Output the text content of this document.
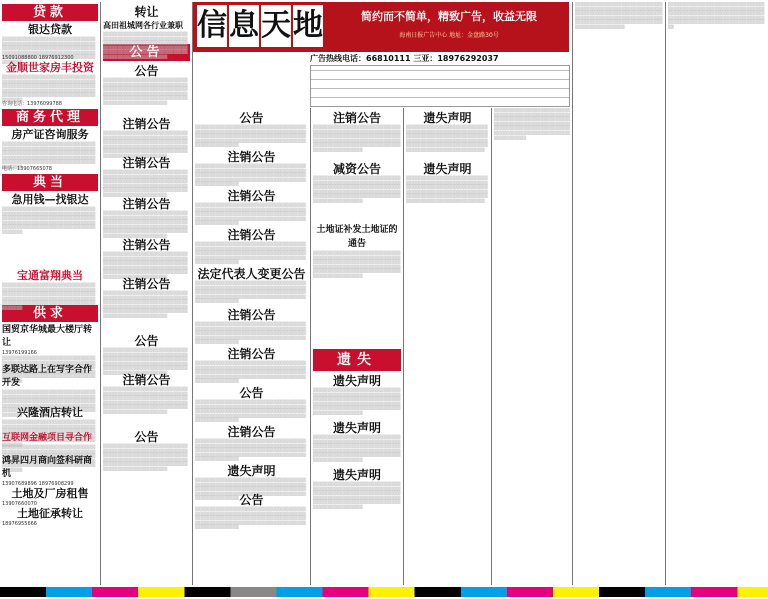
贷款
银达贷款
▒▒▒▒▒▒▒▒▒▒▒▒▒▒▒▒▒▒▒▒▒▒▒▒▒▒▒▒▒▒▒▒▒▒▒▒▒▒▒▒▒▒▒▒▒▒▒▒▒▒▒▒▒▒▒▒▒▒▒▒▒▒▒▒▒▒▒▒▒▒▒▒▒▒▒▒▒▒▒▒▒▒▒▒▒▒▒▒▒▒▒▒▒▒▒▒▒▒▒▒▒▒▒▒▒▒▒▒▒▒▒▒▒▒▒▒▒▒▒▒▒▒▒▒▒▒▒▒▒▒▒▒▒▒▒▒▒▒▒▒▒▒▒▒▒▒▒▒▒▒▒▒▒▒▒▒▒▒▒▒▒▒▒▒▒▒▒
15091088800 18976912300
金顺世家房丰投资
▒▒▒▒▒▒▒▒▒▒▒▒▒▒▒▒▒▒▒▒▒▒▒▒▒▒▒▒▒▒▒▒▒▒▒▒▒▒▒▒▒▒▒▒▒▒▒▒▒▒▒▒▒▒▒▒▒▒▒▒▒▒▒▒▒▒▒▒▒▒▒▒▒▒▒▒▒▒▒▒▒▒▒▒▒▒▒▒▒▒▒▒▒▒▒▒▒▒▒▒▒▒▒▒▒▒▒▒▒▒▒▒▒▒▒▒▒▒▒▒▒▒▒▒▒▒▒▒▒▒▒▒▒▒▒▒▒▒▒▒▒▒▒▒▒▒▒▒▒▒▒▒▒▒▒▒▒▒▒▒▒▒▒▒▒▒▒
咨询电话：13976099788
商务代理
房产证咨询服务
▒▒▒▒▒▒▒▒▒▒▒▒▒▒▒▒▒▒▒▒▒▒▒▒▒▒▒▒▒▒▒▒▒▒▒▒▒▒▒▒▒▒▒▒▒▒▒▒▒▒▒▒▒▒▒▒▒▒▒▒▒▒▒▒▒▒▒▒▒▒▒▒▒▒▒▒▒▒▒▒▒▒▒▒▒▒▒▒▒▒▒▒▒▒▒▒▒▒▒▒▒▒▒▒▒▒▒▒▒▒▒▒▒▒▒▒▒▒▒▒▒▒▒▒▒▒▒▒▒▒▒▒▒▒▒▒▒▒▒▒▒▒▒▒▒▒▒▒▒▒▒▒▒▒▒▒▒▒▒▒▒▒▒▒▒▒▒
电话：13907665078
典当
急用钱—找银达
▒▒▒▒▒▒▒▒▒▒▒▒▒▒▒▒▒▒▒▒▒▒▒▒▒▒▒▒▒▒▒▒▒▒▒▒▒▒▒▒▒▒▒▒▒▒▒▒▒▒▒▒▒▒▒▒▒▒▒▒▒▒▒▒▒▒▒▒▒▒▒▒▒▒▒▒▒▒▒▒▒▒▒▒▒▒▒▒▒▒▒▒▒▒▒▒▒▒▒▒▒▒▒▒▒▒▒▒▒▒▒▒▒▒▒▒▒▒▒▒▒▒▒▒▒▒▒▒▒▒▒▒▒▒▒▒▒▒▒▒▒▒▒▒▒▒▒▒▒▒▒▒▒▒▒▒▒▒▒▒▒▒▒▒▒▒▒
宝通富翔典当
▒▒▒▒▒▒▒▒▒▒▒▒▒▒▒▒▒▒▒▒▒▒▒▒▒▒▒▒▒▒▒▒▒▒▒▒▒▒▒▒▒▒▒▒▒▒▒▒▒▒▒▒▒▒▒▒▒▒▒▒▒▒▒▒▒▒▒▒▒▒▒▒▒▒▒▒▒▒▒▒▒▒▒▒▒▒▒▒▒▒▒▒▒▒▒▒▒▒▒▒▒▒▒▒▒▒▒▒▒▒▒▒▒▒▒▒▒▒▒▒▒▒▒▒▒▒▒▒▒▒▒▒▒▒▒▒▒▒▒▒▒▒▒▒▒▒▒▒▒▒▒▒▒▒▒▒▒▒▒▒▒▒▒▒▒▒▒
供求
国贸京华城最大楼厅转让
13976199166
▒▒▒▒▒▒▒▒▒▒▒▒▒▒▒▒▒▒▒▒▒▒▒▒▒▒▒▒▒▒▒▒▒▒▒▒▒▒▒▒▒▒▒▒▒▒▒▒▒▒▒▒▒▒▒▒▒▒▒▒▒▒▒▒▒▒▒▒▒▒▒▒▒▒▒▒▒▒▒▒▒▒▒▒▒▒▒▒▒▒▒▒▒▒▒▒▒▒▒▒▒▒▒▒▒▒▒▒▒▒▒▒▒▒▒▒▒▒▒▒▒▒▒▒▒▒▒▒▒▒▒▒▒▒▒▒▒▒▒▒▒▒▒▒▒▒▒▒▒▒▒▒▒▒▒▒▒▒▒▒▒▒▒▒▒▒▒
多联达路上在写字合作开发
▒▒▒▒▒▒▒▒▒▒▒▒▒▒▒▒▒▒▒▒▒▒▒▒▒▒▒▒▒▒▒▒▒▒▒▒▒▒▒▒▒▒▒▒▒▒▒▒▒▒▒▒▒▒▒▒▒▒▒▒▒▒▒▒▒▒▒▒▒▒▒▒▒▒▒▒▒▒▒▒▒▒▒▒▒▒▒▒▒▒▒▒▒▒▒▒▒▒▒▒▒▒▒▒▒▒▒▒▒▒▒▒▒▒▒▒▒▒▒▒▒▒▒▒▒▒▒▒▒▒▒▒▒▒▒▒▒▒▒▒▒▒▒▒▒▒▒▒▒▒▒▒▒▒▒▒▒▒▒▒▒▒▒▒▒▒▒
兴隆酒店转让
▒▒▒▒▒▒▒▒▒▒▒▒▒▒▒▒▒▒▒▒▒▒▒▒▒▒▒▒▒▒▒▒▒▒▒▒▒▒▒▒▒▒▒▒▒▒▒▒▒▒▒▒▒▒▒▒▒▒▒▒▒▒▒▒▒▒▒▒▒▒▒▒▒▒▒▒▒▒▒▒▒▒▒▒▒▒▒▒▒▒▒▒▒▒▒▒▒▒▒▒▒▒▒▒▒▒▒▒▒▒▒▒▒▒▒▒▒▒▒▒▒▒▒▒▒▒▒▒▒▒▒▒▒▒▒▒▒▒▒▒▒▒▒▒▒▒▒▒▒▒▒▒▒▒▒▒▒▒▒▒▒▒▒▒▒▒▒
互联网金融项目寻合作
▒▒▒▒▒▒▒▒▒▒▒▒▒▒▒▒▒▒▒▒▒▒▒▒▒▒▒▒▒▒▒▒▒▒▒▒▒▒▒▒▒▒▒▒▒▒▒▒▒▒▒▒▒▒▒▒▒▒▒▒▒▒▒▒▒▒▒▒▒▒▒▒▒▒▒▒▒▒▒▒▒▒▒▒▒▒▒▒▒▒▒▒▒▒▒▒▒▒▒▒▒▒▒▒▒▒▒▒▒▒▒▒▒▒▒▒▒▒▒▒▒▒▒▒▒▒▒▒▒▒▒▒▒▒▒▒▒▒▒▒▒▒▒▒▒▒▒▒▒▒▒▒▒▒▒▒▒▒▒▒▒▒▒▒▒▒▒
鸿昇四月商向签科研商机
13907689896 18976908299
土地及厂房租售
13907660070
土地征承转让
18976955666
转让
高田祖城网各行业兼职
▒▒▒▒▒▒▒▒▒▒▒▒▒▒▒▒▒▒▒▒▒▒▒▒▒▒▒▒▒▒▒▒▒▒▒▒▒▒▒▒▒▒▒▒▒▒▒▒▒▒▒▒▒▒▒▒▒▒▒▒▒▒▒▒▒▒▒▒▒▒▒▒▒▒▒▒▒▒▒▒▒▒▒▒▒▒▒▒▒▒▒▒▒▒▒▒▒▒▒▒▒▒▒▒▒▒▒▒▒▒▒▒▒▒▒▒▒▒▒▒▒▒▒▒▒▒▒▒▒▒▒▒▒▒▒▒▒▒▒▒▒▒▒▒▒▒▒▒▒▒▒▒▒▒▒▒▒▒▒▒▒▒▒▒▒▒▒
公告
公告
▒▒▒▒▒▒▒▒▒▒▒▒▒▒▒▒▒▒▒▒▒▒▒▒▒▒▒▒▒▒▒▒▒▒▒▒▒▒▒▒▒▒▒▒▒▒▒▒▒▒▒▒▒▒▒▒▒▒▒▒▒▒▒▒▒▒▒▒▒▒▒▒▒▒▒▒▒▒▒▒▒▒▒▒▒▒▒▒▒▒▒▒▒▒▒▒▒▒▒▒▒▒▒▒▒▒▒▒▒▒▒▒▒▒▒▒▒▒▒▒▒▒▒▒▒▒▒▒▒▒▒▒▒▒▒▒▒▒▒▒▒▒▒▒▒▒▒▒▒▒▒▒▒▒▒▒▒▒▒▒▒▒▒▒▒▒▒
注销公告
▒▒▒▒▒▒▒▒▒▒▒▒▒▒▒▒▒▒▒▒▒▒▒▒▒▒▒▒▒▒▒▒▒▒▒▒▒▒▒▒▒▒▒▒▒▒▒▒▒▒▒▒▒▒▒▒▒▒▒▒▒▒▒▒▒▒▒▒▒▒▒▒▒▒▒▒▒▒▒▒▒▒▒▒▒▒▒▒▒▒▒▒▒▒▒▒▒▒▒▒▒▒▒▒▒▒▒▒▒▒▒▒▒▒▒▒▒▒▒▒▒▒▒▒▒▒▒▒▒▒▒▒▒▒▒▒▒▒▒▒▒▒▒▒▒▒▒▒▒▒▒▒▒▒▒▒▒▒▒▒▒▒▒▒▒▒▒
注销公告
▒▒▒▒▒▒▒▒▒▒▒▒▒▒▒▒▒▒▒▒▒▒▒▒▒▒▒▒▒▒▒▒▒▒▒▒▒▒▒▒▒▒▒▒▒▒▒▒▒▒▒▒▒▒▒▒▒▒▒▒▒▒▒▒▒▒▒▒▒▒▒▒▒▒▒▒▒▒▒▒▒▒▒▒▒▒▒▒▒▒▒▒▒▒▒▒▒▒▒▒▒▒▒▒▒▒▒▒▒▒▒▒▒▒▒▒▒▒▒▒▒▒▒▒▒▒▒▒▒▒▒▒▒▒▒▒▒▒▒▒▒▒▒▒▒▒▒▒▒▒▒▒▒▒▒▒▒▒▒▒▒▒▒▒▒▒▒
注销公告
▒▒▒▒▒▒▒▒▒▒▒▒▒▒▒▒▒▒▒▒▒▒▒▒▒▒▒▒▒▒▒▒▒▒▒▒▒▒▒▒▒▒▒▒▒▒▒▒▒▒▒▒▒▒▒▒▒▒▒▒▒▒▒▒▒▒▒▒▒▒▒▒▒▒▒▒▒▒▒▒▒▒▒▒▒▒▒▒▒▒▒▒▒▒▒▒▒▒▒▒▒▒▒▒▒▒▒▒▒▒▒▒▒▒▒▒▒▒▒▒▒▒▒▒▒▒▒▒▒▒▒▒▒▒▒▒▒▒▒▒▒▒▒▒▒▒▒▒▒▒▒▒▒▒▒▒▒▒▒▒▒▒▒▒▒▒▒
注销公告
▒▒▒▒▒▒▒▒▒▒▒▒▒▒▒▒▒▒▒▒▒▒▒▒▒▒▒▒▒▒▒▒▒▒▒▒▒▒▒▒▒▒▒▒▒▒▒▒▒▒▒▒▒▒▒▒▒▒▒▒▒▒▒▒▒▒▒▒▒▒▒▒▒▒▒▒▒▒▒▒▒▒▒▒▒▒▒▒▒▒▒▒▒▒▒▒▒▒▒▒▒▒▒▒▒▒▒▒▒▒▒▒▒▒▒▒▒▒▒▒▒▒▒▒▒▒▒▒▒▒▒▒▒▒▒▒▒▒▒▒▒▒▒▒▒▒▒▒▒▒▒▒▒▒▒▒▒▒▒▒▒▒▒▒▒▒▒
注销公告
▒▒▒▒▒▒▒▒▒▒▒▒▒▒▒▒▒▒▒▒▒▒▒▒▒▒▒▒▒▒▒▒▒▒▒▒▒▒▒▒▒▒▒▒▒▒▒▒▒▒▒▒▒▒▒▒▒▒▒▒▒▒▒▒▒▒▒▒▒▒▒▒▒▒▒▒▒▒▒▒▒▒▒▒▒▒▒▒▒▒▒▒▒▒▒▒▒▒▒▒▒▒▒▒▒▒▒▒▒▒▒▒▒▒▒▒▒▒▒▒▒▒▒▒▒▒▒▒▒▒▒▒▒▒▒▒▒▒▒▒▒▒▒▒▒▒▒▒▒▒▒▒▒▒▒▒▒▒▒▒▒▒▒▒▒▒▒
公告
▒▒▒▒▒▒▒▒▒▒▒▒▒▒▒▒▒▒▒▒▒▒▒▒▒▒▒▒▒▒▒▒▒▒▒▒▒▒▒▒▒▒▒▒▒▒▒▒▒▒▒▒▒▒▒▒▒▒▒▒▒▒▒▒▒▒▒▒▒▒▒▒▒▒▒▒▒▒▒▒▒▒▒▒▒▒▒▒▒▒▒▒▒▒▒▒▒▒▒▒▒▒▒▒▒▒▒▒▒▒▒▒▒▒▒▒▒▒▒▒▒▒▒▒▒▒▒▒▒▒▒▒▒▒▒▒▒▒▒▒▒▒▒▒▒▒▒▒▒▒▒▒▒▒▒▒▒▒▒▒▒▒▒▒▒▒▒
注销公告
▒▒▒▒▒▒▒▒▒▒▒▒▒▒▒▒▒▒▒▒▒▒▒▒▒▒▒▒▒▒▒▒▒▒▒▒▒▒▒▒▒▒▒▒▒▒▒▒▒▒▒▒▒▒▒▒▒▒▒▒▒▒▒▒▒▒▒▒▒▒▒▒▒▒▒▒▒▒▒▒▒▒▒▒▒▒▒▒▒▒▒▒▒▒▒▒▒▒▒▒▒▒▒▒▒▒▒▒▒▒▒▒▒▒▒▒▒▒▒▒▒▒▒▒▒▒▒▒▒▒▒▒▒▒▒▒▒▒▒▒▒▒▒▒▒▒▒▒▒▒▒▒▒▒▒▒▒▒▒▒▒▒▒▒▒▒▒
公告
▒▒▒▒▒▒▒▒▒▒▒▒▒▒▒▒▒▒▒▒▒▒▒▒▒▒▒▒▒▒▒▒▒▒▒▒▒▒▒▒▒▒▒▒▒▒▒▒▒▒▒▒▒▒▒▒▒▒▒▒▒▒▒▒▒▒▒▒▒▒▒▒▒▒▒▒▒▒▒▒▒▒▒▒▒▒▒▒▒▒▒▒▒▒▒▒▒▒▒▒▒▒▒▒▒▒▒▒▒▒▒▒▒▒▒▒▒▒▒▒▒▒▒▒▒▒▒▒▒▒▒▒▒▒▒▒▒▒▒▒▒▒▒▒▒▒▒▒▒▒▒▒▒▒▒▒▒▒▒▒▒▒▒▒▒▒▒
信 息 天 地	简约而不简单，精致广告，收益无限
海南日报广告中心 地址：金盘路30号
广告热线电话：66810111 三亚：18976292037
公告
▒▒▒▒▒▒▒▒▒▒▒▒▒▒▒▒▒▒▒▒▒▒▒▒▒▒▒▒▒▒▒▒▒▒▒▒▒▒▒▒▒▒▒▒▒▒▒▒▒▒▒▒▒▒▒▒▒▒▒▒▒▒▒▒▒▒▒▒▒▒▒▒▒▒▒▒▒▒▒▒▒▒▒▒▒▒▒▒▒▒▒▒▒▒▒▒▒▒▒▒▒▒▒▒▒▒▒▒▒▒▒▒▒▒▒▒▒▒▒▒▒▒▒▒▒▒▒▒▒▒▒▒▒▒▒▒▒▒▒▒▒▒▒▒▒▒▒▒▒▒▒▒▒▒▒▒▒▒▒▒▒▒▒▒▒▒▒
注销公告
▒▒▒▒▒▒▒▒▒▒▒▒▒▒▒▒▒▒▒▒▒▒▒▒▒▒▒▒▒▒▒▒▒▒▒▒▒▒▒▒▒▒▒▒▒▒▒▒▒▒▒▒▒▒▒▒▒▒▒▒▒▒▒▒▒▒▒▒▒▒▒▒▒▒▒▒▒▒▒▒▒▒▒▒▒▒▒▒▒▒▒▒▒▒▒▒▒▒▒▒▒▒▒▒▒▒▒▒▒▒▒▒▒▒▒▒▒▒▒▒▒▒▒▒▒▒▒▒▒▒▒▒▒▒▒▒▒▒▒▒▒▒▒▒▒▒▒▒▒▒▒▒▒▒▒▒▒▒▒▒▒▒▒▒▒▒▒
注销公告
▒▒▒▒▒▒▒▒▒▒▒▒▒▒▒▒▒▒▒▒▒▒▒▒▒▒▒▒▒▒▒▒▒▒▒▒▒▒▒▒▒▒▒▒▒▒▒▒▒▒▒▒▒▒▒▒▒▒▒▒▒▒▒▒▒▒▒▒▒▒▒▒▒▒▒▒▒▒▒▒▒▒▒▒▒▒▒▒▒▒▒▒▒▒▒▒▒▒▒▒▒▒▒▒▒▒▒▒▒▒▒▒▒▒▒▒▒▒▒▒▒▒▒▒▒▒▒▒▒▒▒▒▒▒▒▒▒▒▒▒▒▒▒▒▒▒▒▒▒▒▒▒▒▒▒▒▒▒▒▒▒▒▒▒▒▒▒
注销公告
▒▒▒▒▒▒▒▒▒▒▒▒▒▒▒▒▒▒▒▒▒▒▒▒▒▒▒▒▒▒▒▒▒▒▒▒▒▒▒▒▒▒▒▒▒▒▒▒▒▒▒▒▒▒▒▒▒▒▒▒▒▒▒▒▒▒▒▒▒▒▒▒▒▒▒▒▒▒▒▒▒▒▒▒▒▒▒▒▒▒▒▒▒▒▒▒▒▒▒▒▒▒▒▒▒▒▒▒▒▒▒▒▒▒▒▒▒▒▒▒▒▒▒▒▒▒▒▒▒▒▒▒▒▒▒▒▒▒▒▒▒▒▒▒▒▒▒▒▒▒▒▒▒▒▒▒▒▒▒▒▒▒▒▒▒▒▒
法定代表人变更公告
▒▒▒▒▒▒▒▒▒▒▒▒▒▒▒▒▒▒▒▒▒▒▒▒▒▒▒▒▒▒▒▒▒▒▒▒▒▒▒▒▒▒▒▒▒▒▒▒▒▒▒▒▒▒▒▒▒▒▒▒▒▒▒▒▒▒▒▒▒▒▒▒▒▒▒▒▒▒▒▒▒▒▒▒▒▒▒▒▒▒▒▒▒▒▒▒▒▒▒▒▒▒▒▒▒▒▒▒▒▒▒▒▒▒▒▒▒▒▒▒▒▒▒▒▒▒▒▒▒▒▒▒▒▒▒▒▒▒▒▒▒▒▒▒▒▒▒▒▒▒▒▒▒▒▒▒▒▒▒▒▒▒▒▒▒▒▒
注销公告
▒▒▒▒▒▒▒▒▒▒▒▒▒▒▒▒▒▒▒▒▒▒▒▒▒▒▒▒▒▒▒▒▒▒▒▒▒▒▒▒▒▒▒▒▒▒▒▒▒▒▒▒▒▒▒▒▒▒▒▒▒▒▒▒▒▒▒▒▒▒▒▒▒▒▒▒▒▒▒▒▒▒▒▒▒▒▒▒▒▒▒▒▒▒▒▒▒▒▒▒▒▒▒▒▒▒▒▒▒▒▒▒▒▒▒▒▒▒▒▒▒▒▒▒▒▒▒▒▒▒▒▒▒▒▒▒▒▒▒▒▒▒▒▒▒▒▒▒▒▒▒▒▒▒▒▒▒▒▒▒▒▒▒▒▒▒▒
注销公告
▒▒▒▒▒▒▒▒▒▒▒▒▒▒▒▒▒▒▒▒▒▒▒▒▒▒▒▒▒▒▒▒▒▒▒▒▒▒▒▒▒▒▒▒▒▒▒▒▒▒▒▒▒▒▒▒▒▒▒▒▒▒▒▒▒▒▒▒▒▒▒▒▒▒▒▒▒▒▒▒▒▒▒▒▒▒▒▒▒▒▒▒▒▒▒▒▒▒▒▒▒▒▒▒▒▒▒▒▒▒▒▒▒▒▒▒▒▒▒▒▒▒▒▒▒▒▒▒▒▒▒▒▒▒▒▒▒▒▒▒▒▒▒▒▒▒▒▒▒▒▒▒▒▒▒▒▒▒▒▒▒▒▒▒▒▒▒
公告
▒▒▒▒▒▒▒▒▒▒▒▒▒▒▒▒▒▒▒▒▒▒▒▒▒▒▒▒▒▒▒▒▒▒▒▒▒▒▒▒▒▒▒▒▒▒▒▒▒▒▒▒▒▒▒▒▒▒▒▒▒▒▒▒▒▒▒▒▒▒▒▒▒▒▒▒▒▒▒▒▒▒▒▒▒▒▒▒▒▒▒▒▒▒▒▒▒▒▒▒▒▒▒▒▒▒▒▒▒▒▒▒▒▒▒▒▒▒▒▒▒▒▒▒▒▒▒▒▒▒▒▒▒▒▒▒▒▒▒▒▒▒▒▒▒▒▒▒▒▒▒▒▒▒▒▒▒▒▒▒▒▒▒▒▒▒▒
注销公告
▒▒▒▒▒▒▒▒▒▒▒▒▒▒▒▒▒▒▒▒▒▒▒▒▒▒▒▒▒▒▒▒▒▒▒▒▒▒▒▒▒▒▒▒▒▒▒▒▒▒▒▒▒▒▒▒▒▒▒▒▒▒▒▒▒▒▒▒▒▒▒▒▒▒▒▒▒▒▒▒▒▒▒▒▒▒▒▒▒▒▒▒▒▒▒▒▒▒▒▒▒▒▒▒▒▒▒▒▒▒▒▒▒▒▒▒▒▒▒▒▒▒▒▒▒▒▒▒▒▒▒▒▒▒▒▒▒▒▒▒▒▒▒▒▒▒▒▒▒▒▒▒▒▒▒▒▒▒▒▒▒▒▒▒▒▒▒
遗失声明
▒▒▒▒▒▒▒▒▒▒▒▒▒▒▒▒▒▒▒▒▒▒▒▒▒▒▒▒▒▒▒▒▒▒▒▒▒▒▒▒▒▒▒▒▒▒▒▒▒▒▒▒▒▒▒▒▒▒▒▒▒▒▒▒▒▒▒▒▒▒▒▒▒▒▒▒▒▒▒▒▒▒▒▒▒▒▒▒▒▒▒▒▒▒▒▒▒▒▒▒▒▒▒▒▒▒▒▒▒▒▒▒▒▒▒▒▒▒▒▒▒▒▒▒▒▒▒▒▒▒▒▒▒▒▒▒▒▒▒▒▒▒▒▒▒▒▒▒▒▒▒▒▒▒▒▒▒▒▒▒▒▒▒▒▒▒▒
公告
▒▒▒▒▒▒▒▒▒▒▒▒▒▒▒▒▒▒▒▒▒▒▒▒▒▒▒▒▒▒▒▒▒▒▒▒▒▒▒▒▒▒▒▒▒▒▒▒▒▒▒▒▒▒▒▒▒▒▒▒▒▒▒▒▒▒▒▒▒▒▒▒▒▒▒▒▒▒▒▒▒▒▒▒▒▒▒▒▒▒▒▒▒▒▒▒▒▒▒▒▒▒▒▒▒▒▒▒▒▒▒▒▒▒▒▒▒▒▒▒▒▒▒▒▒▒▒▒▒▒▒▒▒▒▒▒▒▒▒▒▒▒▒▒▒▒▒▒▒▒▒▒▒▒▒▒▒▒▒▒▒▒▒▒▒▒▒
注销公告
▒▒▒▒▒▒▒▒▒▒▒▒▒▒▒▒▒▒▒▒▒▒▒▒▒▒▒▒▒▒▒▒▒▒▒▒▒▒▒▒▒▒▒▒▒▒▒▒▒▒▒▒▒▒▒▒▒▒▒▒▒▒▒▒▒▒▒▒▒▒▒▒▒▒▒▒▒▒▒▒▒▒▒▒▒▒▒▒▒▒▒▒▒▒▒▒▒▒▒▒▒▒▒▒▒▒▒▒▒▒▒▒▒▒▒▒▒▒▒▒▒▒▒▒▒▒▒▒▒▒▒▒▒▒▒▒▒▒▒▒▒▒▒▒▒▒▒▒▒▒▒▒▒▒▒▒▒▒▒▒▒▒▒▒▒▒▒
减资公告
▒▒▒▒▒▒▒▒▒▒▒▒▒▒▒▒▒▒▒▒▒▒▒▒▒▒▒▒▒▒▒▒▒▒▒▒▒▒▒▒▒▒▒▒▒▒▒▒▒▒▒▒▒▒▒▒▒▒▒▒▒▒▒▒▒▒▒▒▒▒▒▒▒▒▒▒▒▒▒▒▒▒▒▒▒▒▒▒▒▒▒▒▒▒▒▒▒▒▒▒▒▒▒▒▒▒▒▒▒▒▒▒▒▒▒▒▒▒▒▒▒▒▒▒▒▒▒▒▒▒▒▒▒▒▒▒▒▒▒▒▒▒▒▒▒▒▒▒▒▒▒▒▒▒▒▒▒▒▒▒▒▒▒▒▒▒▒
土地证补发土地证的通告
▒▒▒▒▒▒▒▒▒▒▒▒▒▒▒▒▒▒▒▒▒▒▒▒▒▒▒▒▒▒▒▒▒▒▒▒▒▒▒▒▒▒▒▒▒▒▒▒▒▒▒▒▒▒▒▒▒▒▒▒▒▒▒▒▒▒▒▒▒▒▒▒▒▒▒▒▒▒▒▒▒▒▒▒▒▒▒▒▒▒▒▒▒▒▒▒▒▒▒▒▒▒▒▒▒▒▒▒▒▒▒▒▒▒▒▒▒▒▒▒▒▒▒▒▒▒▒▒▒▒▒▒▒▒▒▒▒▒▒▒▒▒▒▒▒▒▒▒▒▒▒▒▒▒▒▒▒▒▒▒▒▒▒▒▒▒▒
遗失
遗失声明
▒▒▒▒▒▒▒▒▒▒▒▒▒▒▒▒▒▒▒▒▒▒▒▒▒▒▒▒▒▒▒▒▒▒▒▒▒▒▒▒▒▒▒▒▒▒▒▒▒▒▒▒▒▒▒▒▒▒▒▒▒▒▒▒▒▒▒▒▒▒▒▒▒▒▒▒▒▒▒▒▒▒▒▒▒▒▒▒▒▒▒▒▒▒▒▒▒▒▒▒▒▒▒▒▒▒▒▒▒▒▒▒▒▒▒▒▒▒▒▒▒▒▒▒▒▒▒▒▒▒▒▒▒▒▒▒▒▒▒▒▒▒▒▒▒▒▒▒▒▒▒▒▒▒▒▒▒▒▒▒▒▒▒▒▒▒▒
遗失声明
▒▒▒▒▒▒▒▒▒▒▒▒▒▒▒▒▒▒▒▒▒▒▒▒▒▒▒▒▒▒▒▒▒▒▒▒▒▒▒▒▒▒▒▒▒▒▒▒▒▒▒▒▒▒▒▒▒▒▒▒▒▒▒▒▒▒▒▒▒▒▒▒▒▒▒▒▒▒▒▒▒▒▒▒▒▒▒▒▒▒▒▒▒▒▒▒▒▒▒▒▒▒▒▒▒▒▒▒▒▒▒▒▒▒▒▒▒▒▒▒▒▒▒▒▒▒▒▒▒▒▒▒▒▒▒▒▒▒▒▒▒▒▒▒▒▒▒▒▒▒▒▒▒▒▒▒▒▒▒▒▒▒▒▒▒▒▒
遗失声明
▒▒▒▒▒▒▒▒▒▒▒▒▒▒▒▒▒▒▒▒▒▒▒▒▒▒▒▒▒▒▒▒▒▒▒▒▒▒▒▒▒▒▒▒▒▒▒▒▒▒▒▒▒▒▒▒▒▒▒▒▒▒▒▒▒▒▒▒▒▒▒▒▒▒▒▒▒▒▒▒▒▒▒▒▒▒▒▒▒▒▒▒▒▒▒▒▒▒▒▒▒▒▒▒▒▒▒▒▒▒▒▒▒▒▒▒▒▒▒▒▒▒▒▒▒▒▒▒▒▒▒▒▒▒▒▒▒▒▒▒▒▒▒▒▒▒▒▒▒▒▒▒▒▒▒▒▒▒▒▒▒▒▒▒▒▒▒
遗失声明
▒▒▒▒▒▒▒▒▒▒▒▒▒▒▒▒▒▒▒▒▒▒▒▒▒▒▒▒▒▒▒▒▒▒▒▒▒▒▒▒▒▒▒▒▒▒▒▒▒▒▒▒▒▒▒▒▒▒▒▒▒▒▒▒▒▒▒▒▒▒▒▒▒▒▒▒▒▒▒▒▒▒▒▒▒▒▒▒▒▒▒▒▒▒▒▒▒▒▒▒▒▒▒▒▒▒▒▒▒▒▒▒▒▒▒▒▒▒▒▒▒▒▒▒▒▒▒▒▒▒▒▒▒▒▒▒▒▒▒▒▒▒▒▒▒▒▒▒▒▒▒▒▒▒▒▒▒▒▒▒▒▒▒▒▒▒▒
遗失声明
▒▒▒▒▒▒▒▒▒▒▒▒▒▒▒▒▒▒▒▒▒▒▒▒▒▒▒▒▒▒▒▒▒▒▒▒▒▒▒▒▒▒▒▒▒▒▒▒▒▒▒▒▒▒▒▒▒▒▒▒▒▒▒▒▒▒▒▒▒▒▒▒▒▒▒▒▒▒▒▒▒▒▒▒▒▒▒▒▒▒▒▒▒▒▒▒▒▒▒▒▒▒▒▒▒▒▒▒▒▒▒▒▒▒▒▒▒▒▒▒▒▒▒▒▒▒▒▒▒▒▒▒▒▒▒▒▒▒▒▒▒▒▒▒▒▒▒▒▒▒▒▒▒▒▒▒▒▒▒▒▒▒▒▒▒▒▒
▒▒▒▒▒▒▒▒▒▒▒▒▒▒▒▒▒▒▒▒▒▒▒▒▒▒▒▒▒▒▒▒▒▒▒▒▒▒▒▒▒▒▒▒▒▒▒▒▒▒▒▒▒▒▒▒▒▒▒▒▒▒▒▒▒▒▒▒▒▒▒▒▒▒▒▒▒▒▒▒▒▒▒▒▒▒▒▒▒▒▒▒▒▒▒▒▒▒▒▒▒▒▒▒▒▒▒▒▒▒▒▒▒▒▒▒▒▒▒▒▒▒▒▒▒▒▒▒▒▒▒▒▒▒▒▒▒▒▒▒▒▒▒▒▒▒▒▒▒▒▒▒▒▒▒▒▒▒▒▒▒▒▒▒▒▒▒
▒▒▒▒▒▒▒▒▒▒▒▒▒▒▒▒▒▒▒▒▒▒▒▒▒▒▒▒▒▒▒▒▒▒▒▒▒▒▒▒▒▒▒▒▒▒▒▒▒▒▒▒▒▒▒▒▒▒▒▒▒▒▒▒▒▒▒▒▒▒▒▒▒▒▒▒▒▒▒▒▒▒▒▒▒▒▒▒▒▒▒▒▒▒▒▒▒▒▒▒▒▒▒▒▒▒▒▒▒▒▒▒▒▒▒▒▒▒▒▒▒▒▒▒▒▒▒▒▒▒▒▒▒▒▒▒▒▒▒▒▒▒▒▒▒▒▒▒▒▒▒▒▒▒▒▒▒▒▒▒▒▒▒▒▒▒▒
▒▒▒▒▒▒▒▒▒▒▒▒▒▒▒▒▒▒▒▒▒▒▒▒▒▒▒▒▒▒▒▒▒▒▒▒▒▒▒▒▒▒▒▒▒▒▒▒▒▒▒▒▒▒▒▒▒▒▒▒▒▒▒▒▒▒▒▒▒▒▒▒▒▒▒▒▒▒▒▒▒▒▒▒▒▒▒▒▒▒▒▒▒▒▒▒▒▒▒▒▒▒▒▒▒▒▒▒▒▒▒▒▒▒▒▒▒▒▒▒▒▒▒▒▒▒▒▒▒▒▒▒▒▒▒▒▒▒▒▒▒▒▒▒▒▒▒▒▒▒▒▒▒▒▒▒▒▒▒▒▒▒▒▒▒▒▒
